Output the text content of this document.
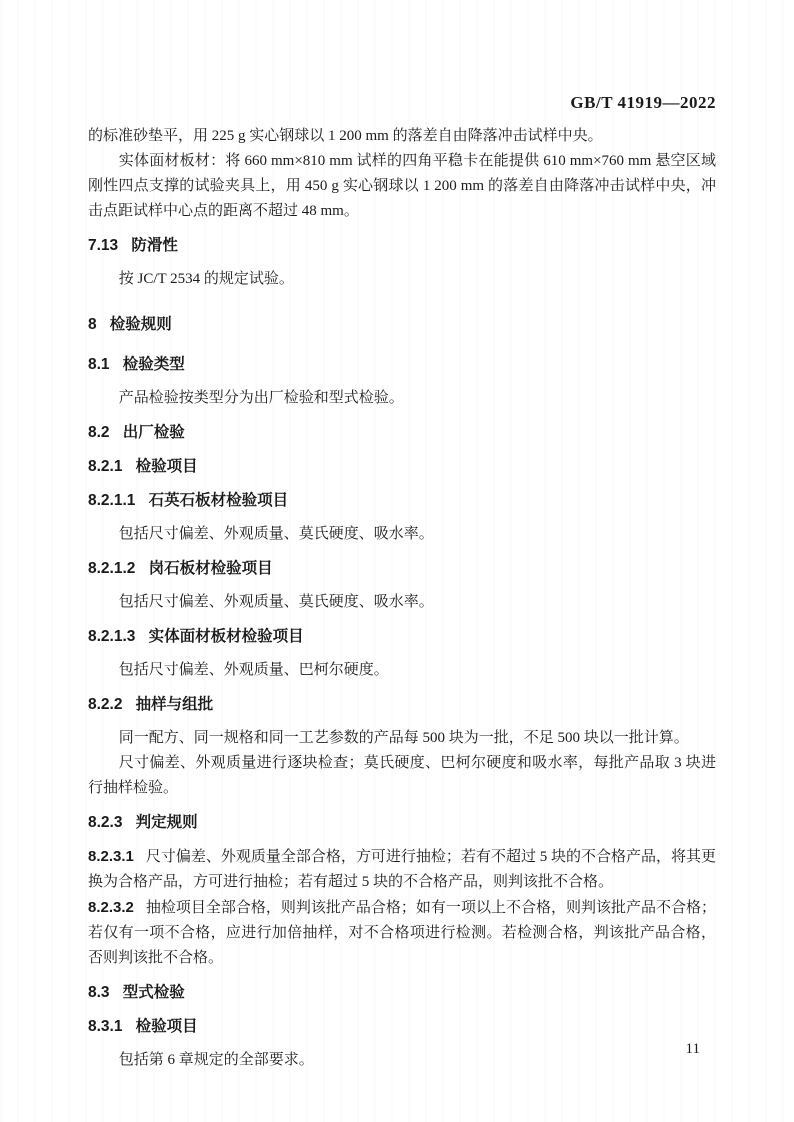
GB/T 41919—2022

的标准砂垫平，用 225 g 实心钢球以 1 200 mm 的落差自由降落冲击试样中央。

实体面材板材：将 660 mm×810 mm 试样的四角平稳卡在能提供 610 mm×760 mm 悬空区域刚性四点支撑的试验夹具上，用 450 g 实心钢球以 1 200 mm 的落差自由降落冲击试样中央，冲击点距试样中心点的距离不超过 48 mm。

7.13 防滑性

按 JC/T 2534 的规定试验。

8 检验规则
8.1 检验类型

产品检验按类型分为出厂检验和型式检验。

8.2 出厂检验
8.2.1 检验项目
8.2.1.1 石英石板材检验项目

包括尺寸偏差、外观质量、莫氏硬度、吸水率。

8.2.1.2 岗石板材检验项目

包括尺寸偏差、外观质量、莫氏硬度、吸水率。

8.2.1.3 实体面材板材检验项目

包括尺寸偏差、外观质量、巴柯尔硬度。

8.2.2 抽样与组批

同一配方、同一规格和同一工艺参数的产品每 500 块为一批，不足 500 块以一批计算。

尺寸偏差、外观质量进行逐块检查；莫氏硬度、巴柯尔硬度和吸水率，每批产品取 3 块进行抽样检验。

8.2.3 判定规则

8.2.3.1 尺寸偏差、外观质量全部合格，方可进行抽检；若有不超过 5 块的不合格产品，将其更换为合格产品，方可进行抽检；若有超过 5 块的不合格产品，则判该批不合格。

8.2.3.2 抽检项目全部合格，则判该批产品合格；如有一项以上不合格，则判该批产品不合格；若仅有一项不合格，应进行加倍抽样，对不合格项进行检测。若检测合格，判该批产品合格，否则判该批不合格。

8.3 型式检验
8.3.1 检验项目

包括第 6 章规定的全部要求。

11
